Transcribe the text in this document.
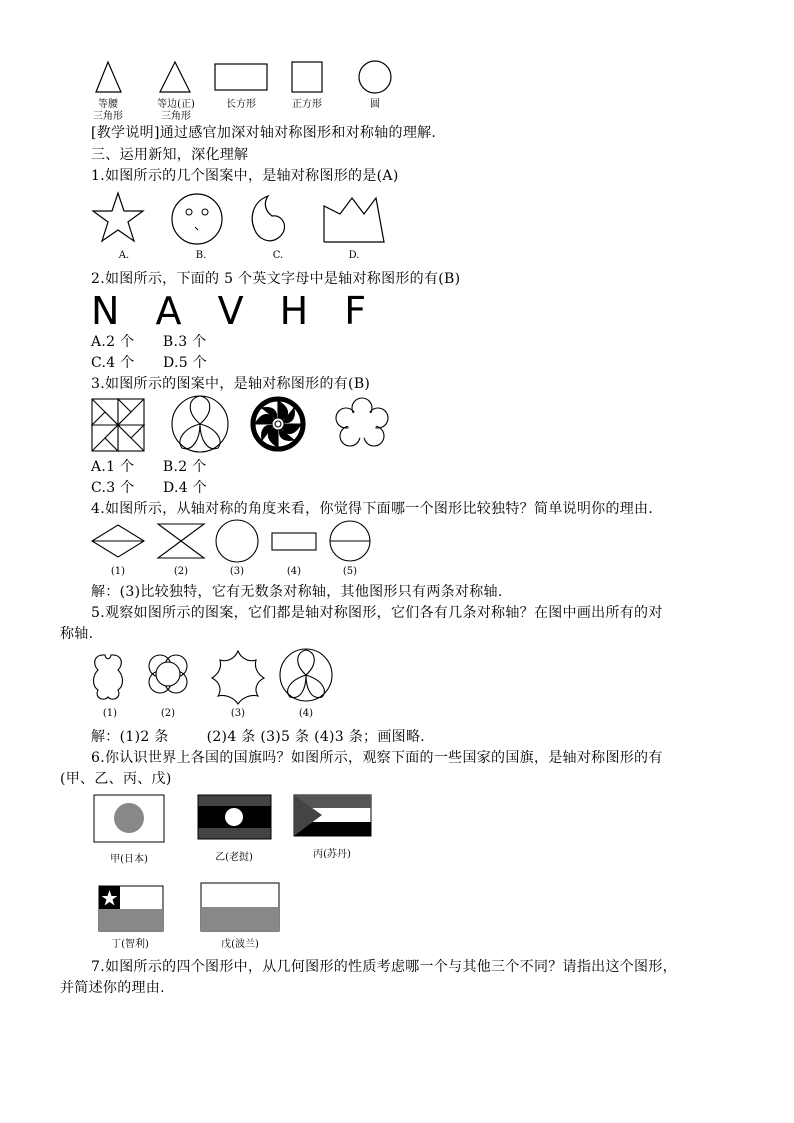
等腰
三角形
等边(正)
三角形
长方形	正方形	圆
[教学说明]通过感官加深对轴对称图形和对称轴的理解.
三、运用新知，深化理解
1.如图所示的几个图案中，是轴对称图形的是(A)
A.	B.	C.	D.
2.如图所示，下面的 5 个英文字母中是轴对称图形的有(B)
N A V H F
A.2 个      B.3 个
C.4 个      D.5 个
3.如图所示的图案中，是轴对称图形的有(B)
A.1 个      B.2 个
C.3 个      D.4 个
4.如图所示，从轴对称的角度来看，你觉得下面哪一个图形比较独特？简单说明你的理由.
(1)	(2)	(3)	(4)	(5)
解：(3)比较独特，它有无数条对称轴，其他图形只有两条对称轴.
5.观察如图所示的图案，它们都是轴对称图形，它们各有几条对称轴？在图中画出所有的对
称轴.
(1)	(2)	(3)	(4)
解：(1)2 条        (2)4 条 (3)5 条 (4)3 条；画图略.
6.你认识世界上各国的国旗吗？如图所示，观察下面的一些国家的国旗，是轴对称图形的有
(甲、乙、丙、戊)
甲(日本)	乙(老挝)	丙(苏丹)
丁(智利)	戊(波兰)
7.如图所示的四个图形中，从几何图形的性质考虑哪一个与其他三个不同？请指出这个图形，
并简述你的理由.
